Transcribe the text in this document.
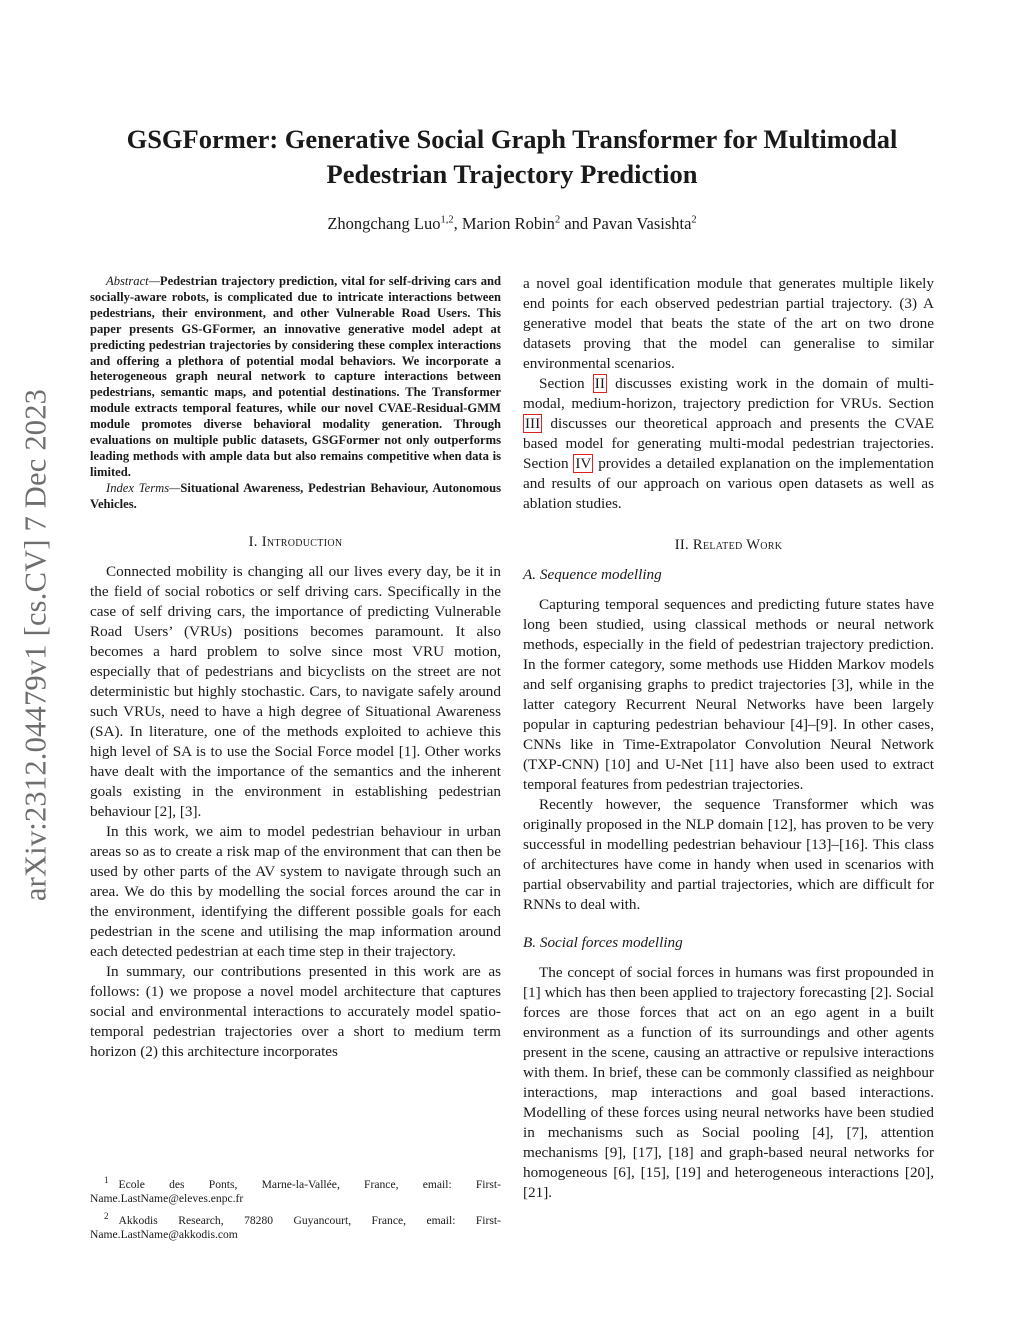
arXiv:2312.04479v1 [cs.CV] 7 Dec 2023
GSGFormer: Generative Social Graph Transformer for Multimodal
Pedestrian Trajectory Prediction
Zhongchang Luo$^{1,2}$, Marion Robin$^2$ and Pavan Vasishta$^2$

Abstract—Pedestrian trajectory prediction, vital for self-driving cars and socially-aware robots, is complicated due to intricate interactions between pedestrians, their environment, and other Vulnerable Road Users. This paper presents GS-GFormer, an innovative generative model adept at predicting pedestrian trajectories by considering these complex interactions and offering a plethora of potential modal behaviors. We incorporate a heterogeneous graph neural network to capture interactions between pedestrians, semantic maps, and potential destinations. The Transformer module extracts temporal features, while our novel CVAE-Residual-GMM module promotes diverse behavioral modality generation. Through evaluations on multiple public datasets, GSGFormer not only outperforms leading methods with ample data but also remains competitive when data is limited.

Index Terms—Situational Awareness, Pedestrian Behaviour, Autonomous Vehicles.

I. Introduction

Connected mobility is changing all our lives every day, be it in the field of social robotics or self driving cars. Specifically in the case of self driving cars, the importance of predicting Vulnerable Road Users’ (VRUs) positions becomes paramount. It also becomes a hard problem to solve since most VRU motion, especially that of pedestrians and bicyclists on the street are not deterministic but highly stochastic. Cars, to navigate safely around such VRUs, need to have a high degree of Situational Awareness (SA). In literature, one of the methods exploited to achieve this high level of SA is to use the Social Force model [1]. Other works have dealt with the importance of the semantics and the inherent goals existing in the environment in establishing pedestrian behaviour [2], [3].

In this work, we aim to model pedestrian behaviour in urban areas so as to create a risk map of the environment that can then be used by other parts of the AV system to navigate through such an area. We do this by modelling the social forces around the car in the environment, identifying the different possible goals for each pedestrian in the scene and utilising the map information around each detected pedestrian at each time step in their trajectory.

In summary, our contributions presented in this work are as follows: (1) we propose a novel model architecture that captures social and environmental interactions to accurately model spatio-temporal pedestrian trajectories over a short to medium term horizon (2) this architecture incorporates

$^1$ Ecole des Ponts, Marne-la-Vallée, France, email: First-Name.LastName@eleves.enpc.fr
$^2$ Akkodis Research, 78280 Guyancourt, France, email: First-Name.LastName@akkodis.com

a novel goal identification module that generates multiple likely end points for each observed pedestrian partial trajectory. (3) A generative model that beats the state of the art on two drone datasets proving that the model can generalise to similar environmental scenarios.

Section II discusses existing work in the domain of multi-modal, medium-horizon, trajectory prediction for VRUs. Section III discusses our theoretical approach and presents the CVAE based model for generating multi-modal pedestrian trajectories. Section IV provides a detailed explanation on the implementation and results of our approach on various open datasets as well as ablation studies.

II. Related Work
A. Sequence modelling

Capturing temporal sequences and predicting future states have long been studied, using classical methods or neural network methods, especially in the field of pedestrian trajectory prediction. In the former category, some methods use Hidden Markov models and self organising graphs to predict trajectories [3], while in the latter category Recurrent Neural Networks have been largely popular in capturing pedestrian behaviour [4]–[9]. In other cases, CNNs like in Time-Extrapolator Convolution Neural Network (TXP-CNN) [10] and U-Net [11] have also been used to extract temporal features from pedestrian trajectories.

Recently however, the sequence Transformer which was originally proposed in the NLP domain [12], has proven to be very successful in modelling pedestrian behaviour [13]–[16]. This class of architectures have come in handy when used in scenarios with partial observability and partial trajectories, which are difficult for RNNs to deal with.

B. Social forces modelling

The concept of social forces in humans was first propounded in [1] which has then been applied to trajectory forecasting [2]. Social forces are those forces that act on an ego agent in a built environment as a function of its surroundings and other agents present in the scene, causing an attractive or repulsive interactions with them. In brief, these can be commonly classified as neighbour interactions, map interactions and goal based interactions. Modelling of these forces using neural networks have been studied in mechanisms such as Social pooling [4], [7], attention mechanisms [9], [17], [18] and graph-based neural networks for homogeneous [6], [15], [19] and heterogeneous interactions [20], [21].
